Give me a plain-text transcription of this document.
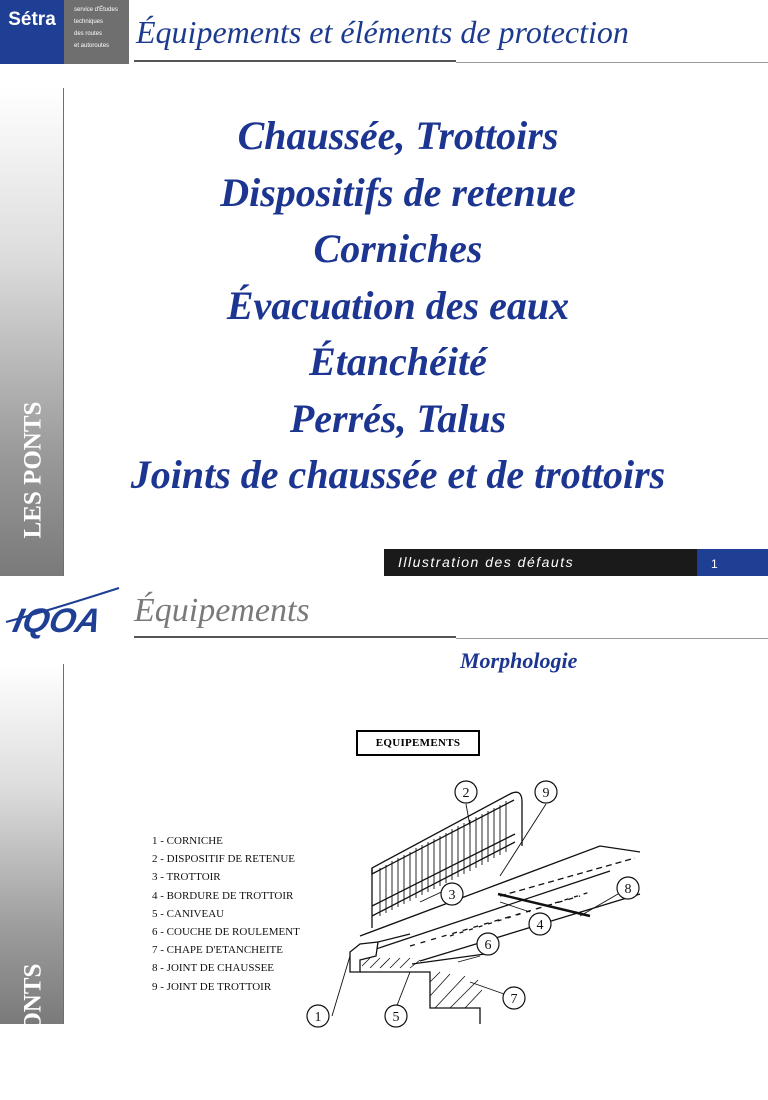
Sétra	service d'Études
techniques
des routes
et autoroutes Équipements et éléments de protection
LES PONTS
Chaussée, Trottoirs
Dispositifs de retenue
Corniches
Évacuation des eaux
Étanchéité
Perrés, Talus
Joints de chaussée et de trottoirs
Illustration des défauts	1
IQOA Équipements
LES PONTS
Morphologie
EQUIPEMENTS
1 - CORNICHE
2 - DISPOSITIF DE RETENUE
3 - TROTTOIR
4 - BORDURE DE TROTTOIR
5 - CANIVEAU
6 - COUCHE DE ROULEMENT
7 - CHAPE D'ETANCHEITE
8 - JOINT DE CHAUSSEE
9 - JOINT DE TROTTOIR
1
2	9
8
4
6
7
5
3
